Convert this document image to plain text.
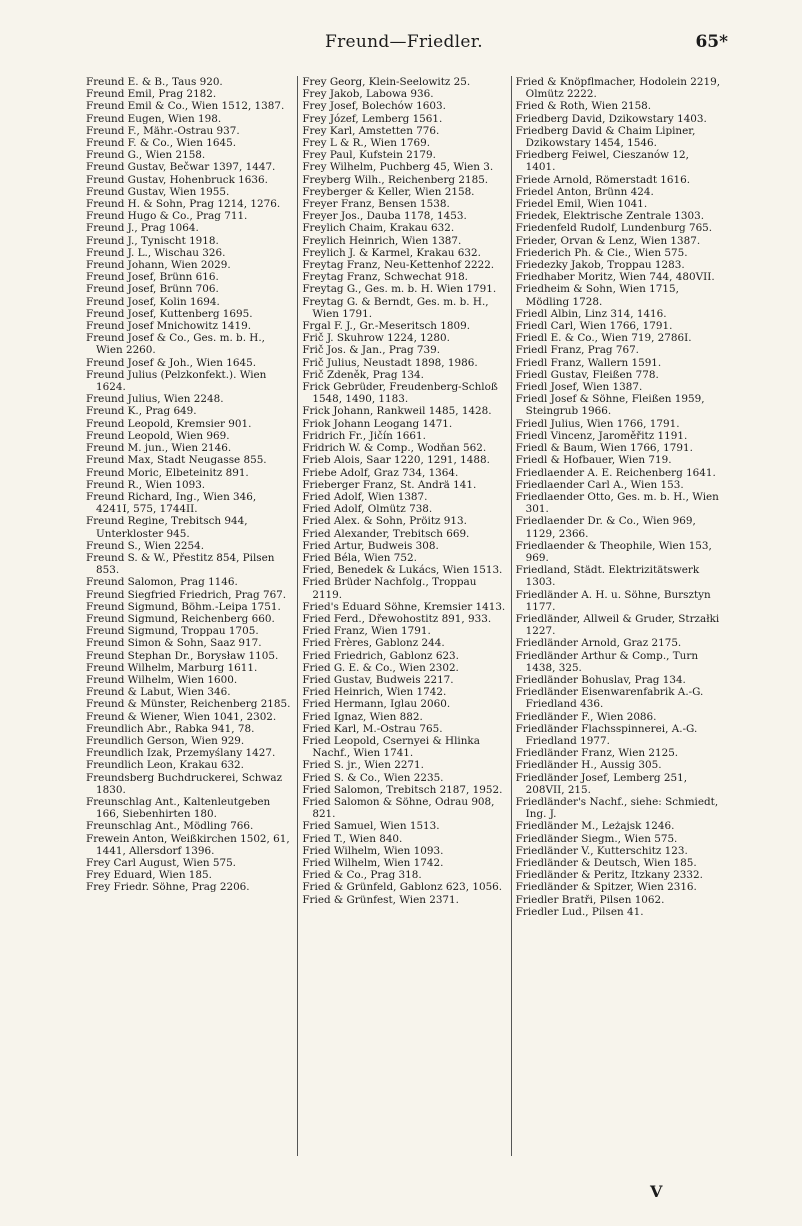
Freund—Friedler.	65*

Freund E. & B., Taus 920.

Freund Emil, Prag 2182.

Freund Emil & Co., Wien 1512, 1387.

Freund Eugen, Wien 198.

Freund F., Mähr.-Ostrau 937.

Freund F. & Co., Wien 1645.

Freund G., Wien 2158.

Freund Gustav, Bečwar 1397, 1447.

Freund Gustav, Hohenbruck 1636.

Freund Gustav, Wien 1955.

Freund H. & Sohn, Prag 1214, 1276.

Freund Hugo & Co., Prag 711.

Freund J., Prag 1064.

Freund J., Tynischt 1918.

Freund J. L., Wischau 326.

Freund Johann, Wien 2029.

Freund Josef, Brünn 616.

Freund Josef, Brünn 706.

Freund Josef, Kolin 1694.

Freund Josef, Kuttenberg 1695.

Freund Josef Mnichowitz 1419.

Freund Josef & Co., Ges. m. b. H., Wien 2260.

Freund Josef & Joh., Wien 1645.

Freund Julius (Pelzkonfekt.). Wien 1624.

Freund Julius, Wien 2248.

Freund K., Prag 649.

Freund Leopold, Kremsier 901.

Freund Leopold, Wien 969.

Freund M. jun., Wien 2146.

Freund Max, Stadt Neugasse 855.

Freund Moric, Elbeteinitz 891.

Freund R., Wien 1093.

Freund Richard, Ing., Wien 346, 4241I, 575, 1744II.

Freund Regine, Trebitsch 944, Unterkloster 945.

Freund S., Wien 2254.

Freund S. & W., Přestitz 854, Pilsen 853.

Freund Salomon, Prag 1146.

Freund Siegfried Friedrich, Prag 767.

Freund Sigmund, Böhm.-Leipa 1751.

Freund Sigmund, Reichenberg 660.

Freund Sigmund, Troppau 1705.

Freund Simon & Sohn, Saaz 917.

Freund Stephan Dr., Borysław 1105.

Freund Wilhelm, Marburg 1611.

Freund Wilhelm, Wien 1600.

Freund & Labut, Wien 346.

Freund & Münster, Reichenberg 2185.

Freund & Wiener, Wien 1041, 2302.

Freundlich Abr., Rabka 941, 78.

Freundlich Gerson, Wien 929.

Freundlich Izak, Przemyślany 1427.

Freundlich Leon, Krakau 632.

Freundsberg Buchdruckerei, Schwaz 1830.

Freunschlag Ant., Kaltenleutgeben 166, Siebenhirten 180.

Freunschlag Ant., Mödling 766.

Frewein Anton, Weißkirchen 1502, 61, 1441, Allersdorf 1396.

Frey Carl August, Wien 575.

Frey Eduard, Wien 185.

Frey Friedr. Söhne, Prag 2206.

Frey Georg, Klein-Seelowitz 25.

Frey Jakob, Labowa 936.

Frey Josef, Bolechów 1603.

Frey Józef, Lemberg 1561.

Frey Karl, Amstetten 776.

Frey L & R., Wien 1769.

Frey Paul, Kufstein 2179.

Frey Wilhelm, Puchberg 45, Wien 3.

Freyberg Wilh., Reichenberg 2185.

Freyberger & Keller, Wien 2158.

Freyer Franz, Bensen 1538.

Freyer Jos., Dauba 1178, 1453.

Freylich Chaim, Krakau 632.

Freylich Heinrich, Wien 1387.

Freylich J. & Karmel, Krakau 632.

Freytag Franz, Neu-Kettenhof 2222.

Freytag Franz, Schwechat 918.

Freytag G., Ges. m. b. H. Wien 1791.

Freytag G. & Berndt, Ges. m. b. H., Wien 1791.

Frgal F. J., Gr.-Meseritsch 1809.

Frič J. Skuhrow 1224, 1280.

Frič Jos. & Jan., Prag 739.

Frič Julius, Neustadt 1898, 1986.

Frič Zdeněk, Prag 134.

Frick Gebrüder, Freudenberg-Schloß 1548, 1490, 1183.

Frick Johann, Rankweil 1485, 1428.

Friok Johann Leogang 1471.

Fridrich Fr., Jičín 1661.

Fridrich W. & Comp., Wodňan 562.

Frieb Alois, Saar 1220, 1291, 1488.

Friebe Adolf, Graz 734, 1364.

Frieberger Franz, St. Andrä 141.

Fried Adolf, Wien 1387.

Fried Adolf, Olmütz 738.

Fried Alex. & Sohn, Pröitz 913.

Fried Alexander, Trebitsch 669.

Fried Artur, Budweis 308.

Fried Béla, Wien 752.

Fried, Benedek & Lukács, Wien 1513.

Fried Brüder Nachfolg., Troppau 2119.

Fried's Eduard Söhne, Kremsier 1413.

Fried Ferd., Dřewohostitz 891, 933.

Fried Franz, Wien 1791.

Fried Frères, Gablonz 244.

Fried Friedrich, Gablonz 623.

Fried G. E. & Co., Wien 2302.

Fried Gustav, Budweis 2217.

Fried Heinrich, Wien 1742.

Fried Hermann, Iglau 2060.

Fried Ignaz, Wien 882.

Fried Karl, M.-Ostrau 765.

Fried Leopold, Csernyei & Hlinka Nachf., Wien 1741.

Fried S. jr., Wien 2271.

Fried S. & Co., Wien 2235.

Fried Salomon, Trebitsch 2187, 1952.

Fried Salomon & Söhne, Odrau 908, 821.

Fried Samuel, Wien 1513.

Fried T., Wien 840.

Fried Wilhelm, Wien 1093.

Fried Wilhelm, Wien 1742.

Fried & Co., Prag 318.

Fried & Grünfeld, Gablonz 623, 1056.

Fried & Grünfest, Wien 2371.

Fried & Knöpflmacher, Hodolein 2219, Olmütz 2222.

Fried & Roth, Wien 2158.

Friedberg David, Dzikowstary 1403.

Friedberg David & Chaim Lipiner, Dzikowstary 1454, 1546.

Friedberg Feiwel, Cieszanów 12, 1401.

Friede Arnold, Römerstadt 1616.

Friedel Anton, Brünn 424.

Friedel Emil, Wien 1041.

Friedek, Elektrische Zentrale 1303.

Friedenfeld Rudolf, Lundenburg 765.

Frieder, Orvan & Lenz, Wien 1387.

Friederich Ph. & Cie., Wien 575.

Friedezky Jakob, Troppau 1283.

Friedhaber Moritz, Wien 744, 480VII.

Friedheim & Sohn, Wien 1715, Mödling 1728.

Friedl Albin, Linz 314, 1416.

Friedl Carl, Wien 1766, 1791.

Friedl E. & Co., Wien 719, 2786I.

Friedl Franz, Prag 767.

Friedl Franz, Wallern 1591.

Friedl Gustav, Fleißen 778.

Friedl Josef, Wien 1387.

Friedl Josef & Söhne, Fleißen 1959, Steingrub 1966.

Friedl Julius, Wien 1766, 1791.

Friedl Vincenz, Jaroměřitz 1191.

Friedl & Baum, Wien 1766, 1791.

Friedl & Hofbauer, Wien 719.

Friedlaender A. E. Reichenberg 1641.

Friedlaender Carl A., Wien 153.

Friedlaender Otto, Ges. m. b. H., Wien 301.

Friedlaender Dr. & Co., Wien 969, 1129, 2366.

Friedlaender & Theophile, Wien 153, 969.

Friedland, Städt. Elektrizitätswerk 1303.

Friedländer A. H. u. Söhne, Bursztyn 1177.

Friedländer, Allweil & Gruder, Strzałki 1227.

Friedländer Arnold, Graz 2175.

Friedländer Arthur & Comp., Turn 1438, 325.

Friedländer Bohuslav, Prag 134.

Friedländer Eisenwarenfabrik A.-G. Friedland 436.

Friedländer F., Wien 2086.

Friedländer Flachsspinnerei, A.-G. Friedland 1977.

Friedländer Franz, Wien 2125.

Friedländer H., Aussig 305.

Friedländer Josef, Lemberg 251, 208VII, 215.

Friedländer's Nachf., siehe: Schmiedt, Ing. J.

Friedländer M., Leżajsk 1246.

Friedländer Siegm., Wien 575.

Friedländer V., Kutterschitz 123.

Friedländer & Deutsch, Wien 185.

Friedländer & Peritz, Itzkany 2332.

Friedländer & Spitzer, Wien 2316.

Friedler Bratři, Pilsen 1062.

Friedler Lud., Pilsen 41.

V
